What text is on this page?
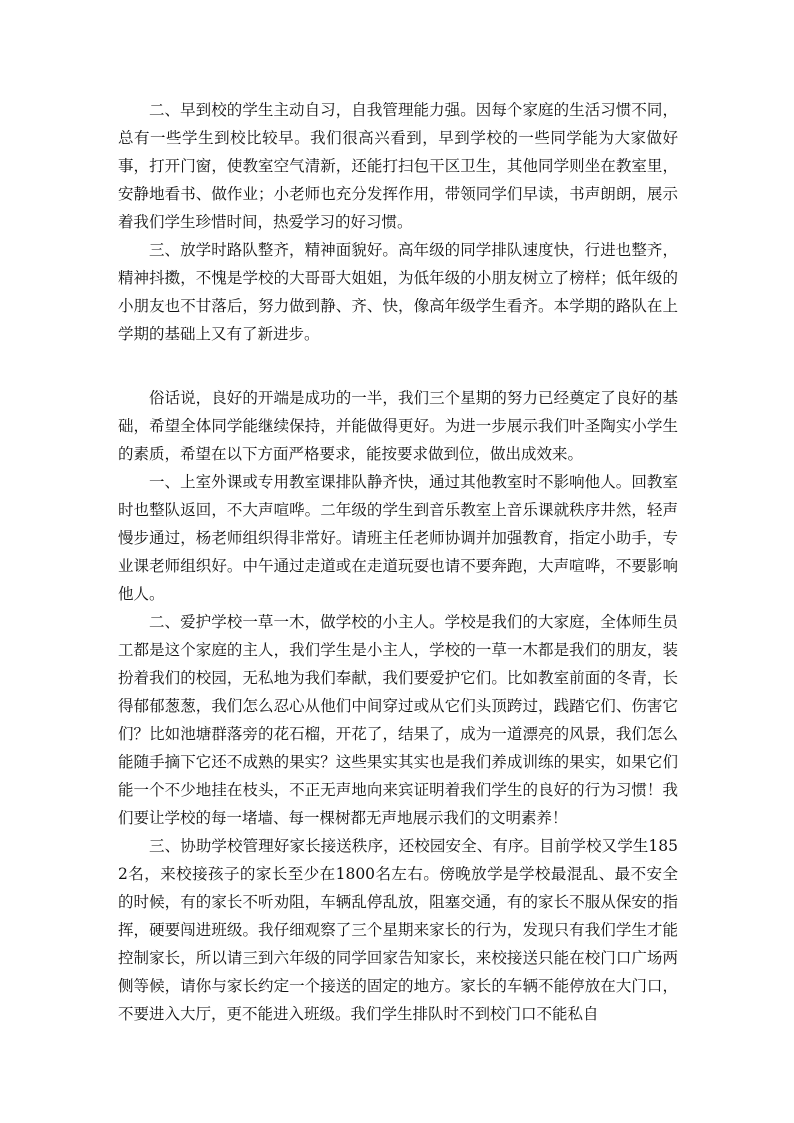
二、早到校的学生主动自习，自我管理能力强。因每个家庭的生活习惯不同，总有一些学生到校比较早。我们很高兴看到，早到学校的一些同学能为大家做好事，打开门窗，使教室空气清新，还能打扫包干区卫生，其他同学则坐在教室里，安静地看书、做作业；小老师也充分发挥作用，带领同学们早读，书声朗朗，展示着我们学生珍惜时间，热爱学习的好习惯。

三、放学时路队整齐，精神面貌好。高年级的同学排队速度快，行进也整齐，精神抖擞，不愧是学校的大哥哥大姐姐，为低年级的小朋友树立了榜样；低年级的小朋友也不甘落后，努力做到静、齐、快，像高年级学生看齐。本学期的路队在上学期的基础上又有了新进步。

俗话说，良好的开端是成功的一半，我们三个星期的努力已经奠定了良好的基础，希望全体同学能继续保持，并能做得更好。为进一步展示我们叶圣陶实小学生的素质，希望在以下方面严格要求，能按要求做到位，做出成效来。

一、上室外课或专用教室课排队静齐快，通过其他教室时不影响他人。回教室时也整队返回，不大声喧哗。二年级的学生到音乐教室上音乐课就秩序井然，轻声慢步通过，杨老师组织得非常好。请班主任老师协调并加强教育，指定小助手，专业课老师组织好。中午通过走道或在走道玩耍也请不要奔跑，大声喧哗，不要影响他人。

二、爱护学校一草一木，做学校的小主人。学校是我们的大家庭，全体师生员工都是这个家庭的主人，我们学生是小主人，学校的一草一木都是我们的朋友，装扮着我们的校园，无私地为我们奉献，我们要爱护它们。比如教室前面的冬青，长得郁郁葱葱，我们怎么忍心从他们中间穿过或从它们头顶跨过，践踏它们、伤害它们？比如池塘群落旁的花石榴，开花了，结果了，成为一道漂亮的风景，我们怎么能随手摘下它还不成熟的果实？这些果实其实也是我们养成训练的果实，如果它们能一个不少地挂在枝头，不正无声地向来宾证明着我们学生的良好的行为习惯！我们要让学校的每一堵墙、每一棵树都无声地展示我们的文明素养！

三、协助学校管理好家长接送秩序，还校园安全、有序。目前学校又学生1852名，来校接孩子的家长至少在1800名左右。傍晚放学是学校最混乱、最不安全的时候，有的家长不听劝阻，车辆乱停乱放，阻塞交通，有的家长不服从保安的指挥，硬要闯进班级。我仔细观察了三个星期来家长的行为，发现只有我们学生才能控制家长，所以请三到六年级的同学回家告知家长，来校接送只能在校门口广场两侧等候，请你与家长约定一个接送的固定的地方。家长的车辆不能停放在大门口，不要进入大厅，更不能进入班级。我们学生排队时不到校门口不能私自
